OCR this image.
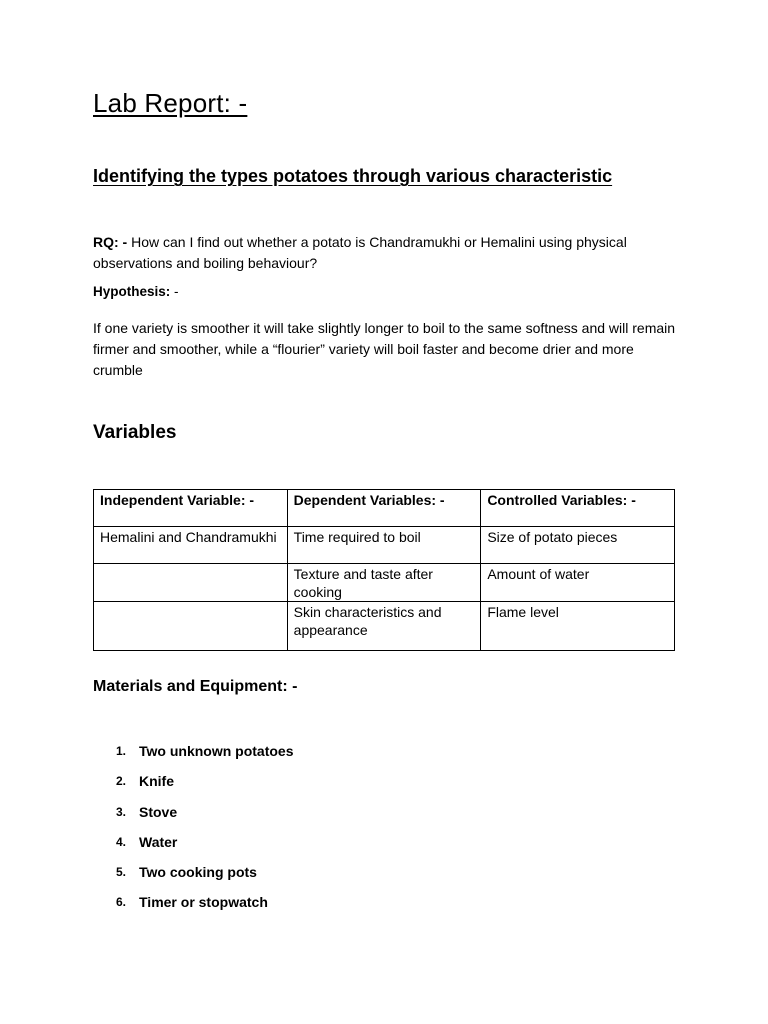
Lab Report: -
Identifying the types potatoes through various characteristic

RQ: - How can I find out whether a potato is Chandramukhi or Hemalini using physical observations and boiling behaviour?

Hypothesis: -

If one variety is smoother it will take slightly longer to boil to the same softness and will remain firmer and smoother, while a “flourier” variety will boil faster and become drier and more crumble

Variables
Independent Variable: -	Dependent Variables: -	Controlled Variables: -
Hemalini and Chandramukhi	Time required to boil	Size of potato pieces
	Texture and taste after cooking	Amount of water
	Skin characteristics and appearance	Flame level
Materials and Equipment: -
1. Two unknown potatoes
2. Knife
3. Stove
4. Water
5. Two cooking pots
6. Timer or stopwatch
